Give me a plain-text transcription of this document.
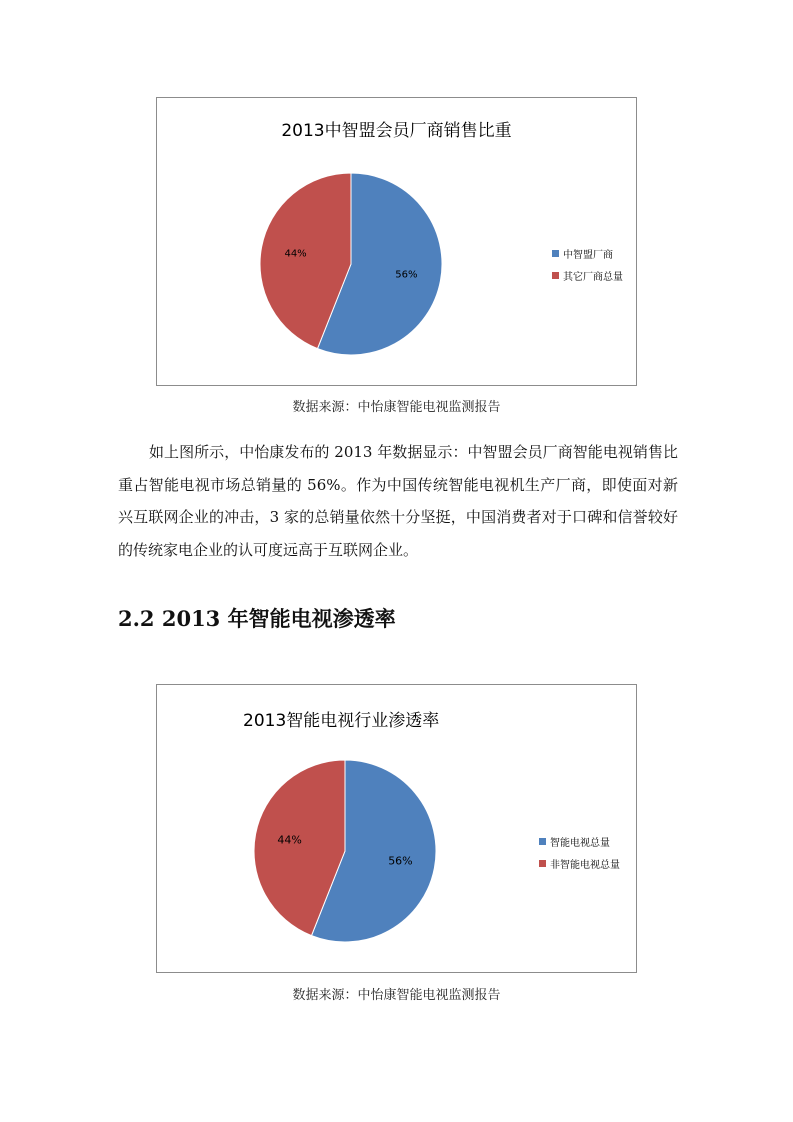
2013中智盟会员厂商销售比重
56%
44%	中智盟厂商
其它厂商总量
数据来源：中怡康智能电视监测报告

如上图所示，中怡康发布的 2013 年数据显示：中智盟会员厂商智能电视销售比重占智能电视市场总销量的 56%。作为中国传统智能电视机生产厂商，即使面对新兴互联网企业的冲击，3 家的总销量依然十分坚挺，中国消费者对于口碑和信誉较好的传统家电企业的认可度远高于互联网企业。

2.2 2013 年智能电视渗透率
2013智能电视行业渗透率
56%
44%	智能电视总量
非智能电视总量
数据来源：中怡康智能电视监测报告
